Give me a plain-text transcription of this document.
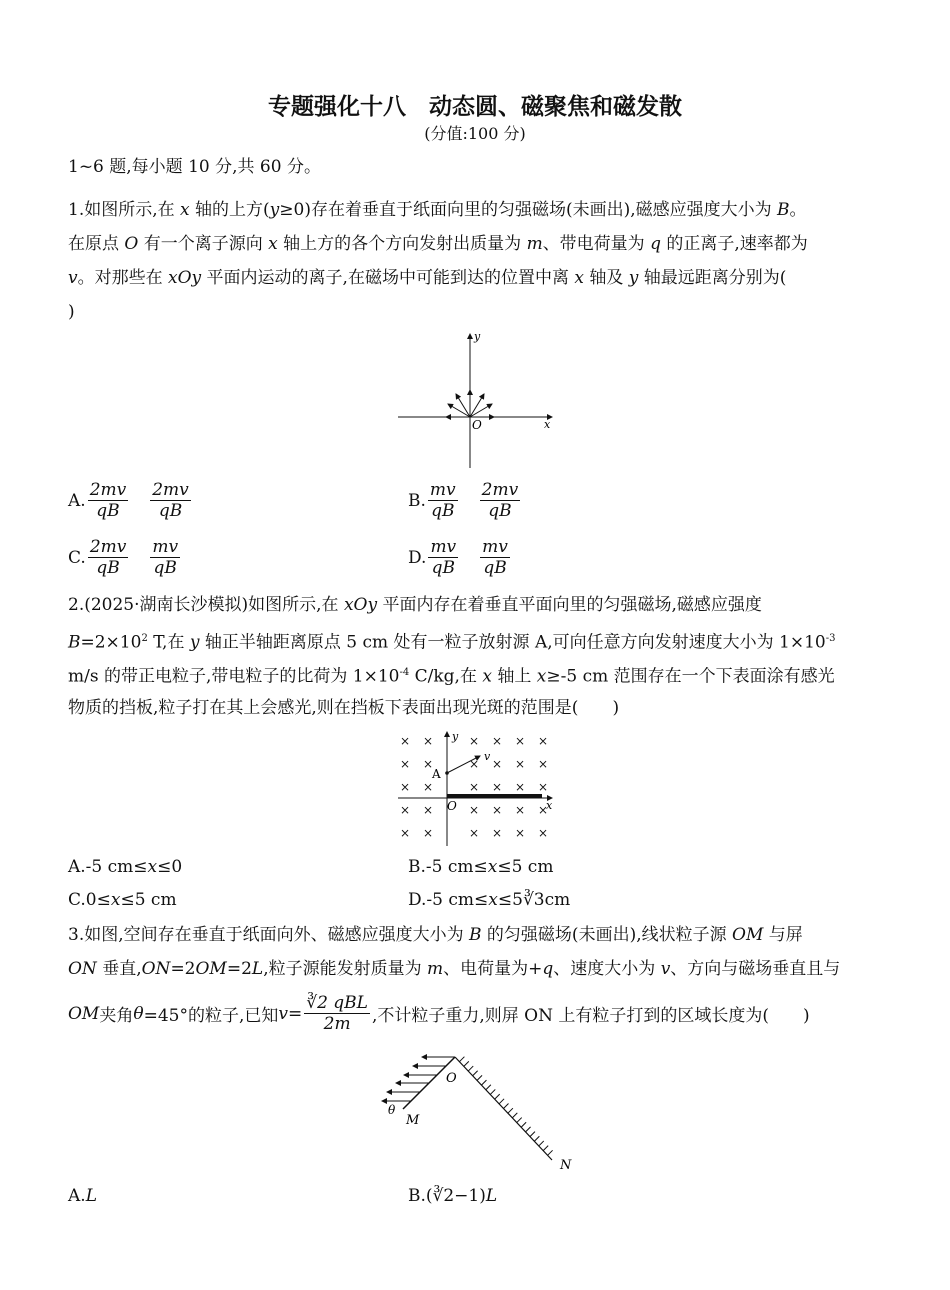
专题强化十八　动态圆、磁聚焦和磁发散
(分值:100 分)
1~6 题,每小题 10 分,共 60 分。
1.如图所示,在 x 轴的上方(y≥0)存在着垂直于纸面向里的匀强磁场(未画出),磁感应强度大小为 B。
在原点 O 有一个离子源向 x 轴上方的各个方向发射出质量为 m、带电荷量为 q 的正离子,速率都为
v。对那些在 xOy 平面内运动的离子,在磁场中可能到达的位置中离 x 轴及 y 轴最远距离分别为(
)
y
x
O
A. $\frac{2mv}{qB} \frac{2mv}{qB}$	B. $\frac{mv}{qB} \frac{2mv}{qB}$
C. $\frac{2mv}{qB} \frac{mv}{qB}$	D. $\frac{mv}{qB} \frac{mv}{qB}$
2.(2025·湖南长沙模拟)如图所示,在 xOy 平面内存在着垂直平面向里的匀强磁场,磁感应强度
$B=2\times 10^2$ T,在 y 轴正半轴距离原点 5 cm 处有一粒子放射源 A,可向任意方向发射速度大小为 $1\times 10^{-3}$
m/s 的带正电粒子,带电粒子的比荷为 $1\times 10^{-4}$ C/kg,在 x 轴上 x≥-5 cm 范围存在一个下表面涂有感光
物质的挡板,粒子打在其上会感光,则在挡板下表面出现光斑的范围是(　　)
× ×	× × × ×
× ×	× × × ×
× ×	× × × ×
× ×	× × × ×
× ×	× × × ×
A
v
y
x
O
A.-5 cm≤ x ≤0	B.-5 cm≤ x ≤5 cm
C.0≤ x ≤5 cm	D.-5 cm≤ x ≤5 ∛3 cm
3.如图,空间存在垂直于纸面向外、磁感应强度大小为 B 的匀强磁场(未画出),线状粒子源 OM 与屏
ON 垂直,ON=2OM=2L,粒子源能发射质量为 m、电荷量为+q、速度大小为 v、方向与磁场垂直且与
OM 夹角 θ =45°的粒子,已知 $v = \frac{\text{∛2 qBL}}{2m}$ ,不计粒子重力,则屏 ON 上有粒子打到的区域长度为(　　)
O
M
θ
N
A. L	B.( ∛2−1 ) L
